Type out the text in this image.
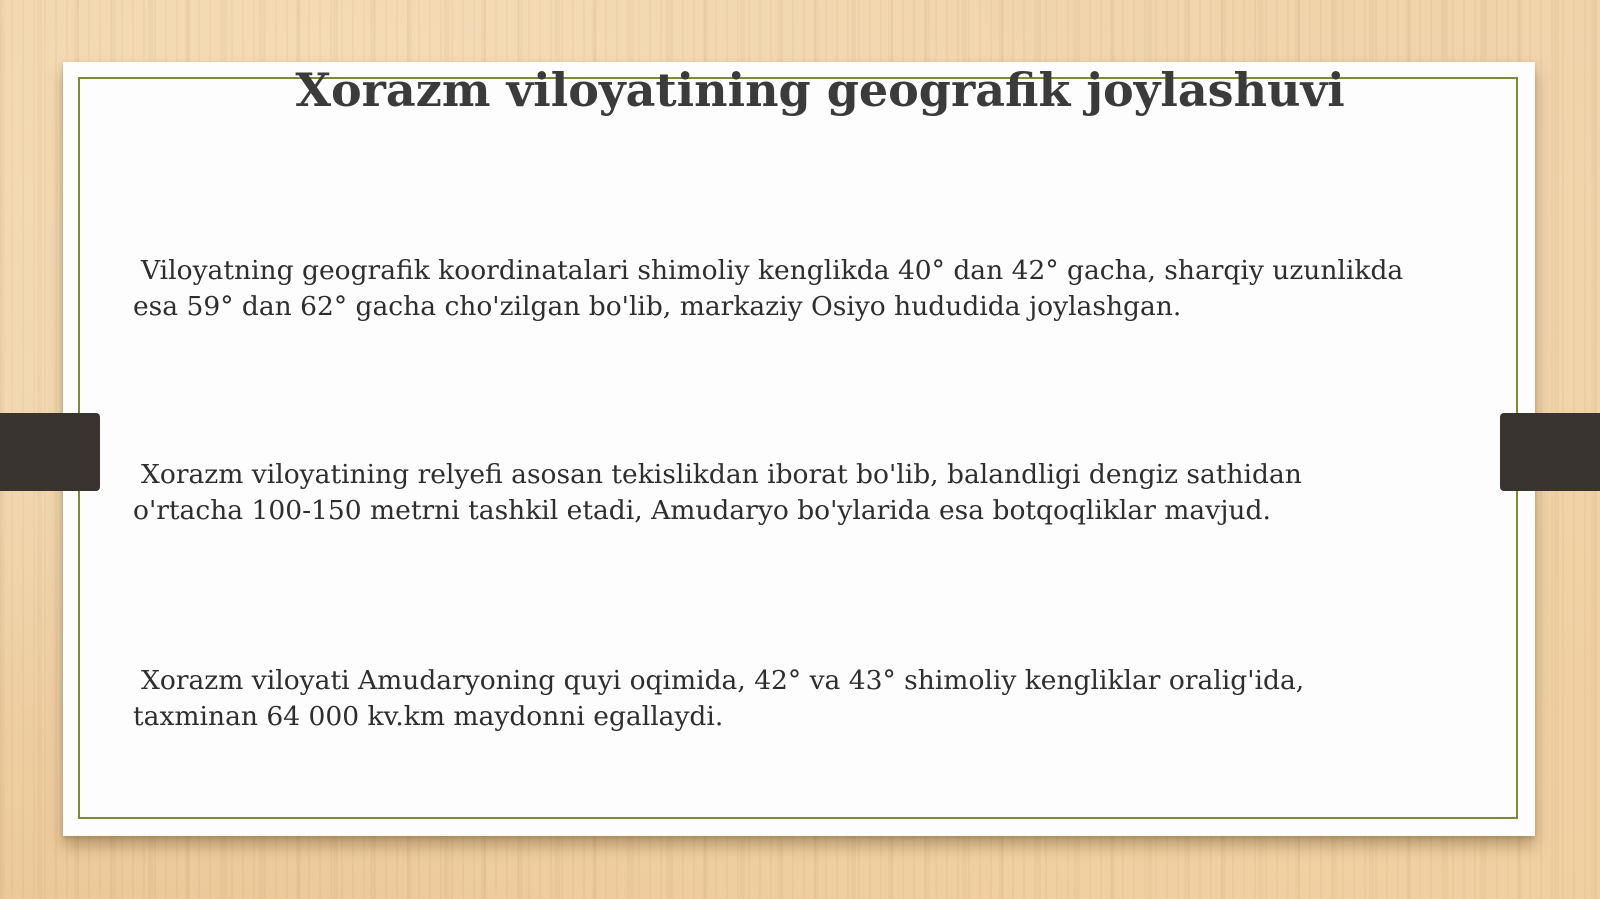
Xorazm viloyatining geografik joylashuvi

Viloyatning geografik koordinatalari shimoliy kenglikda 40° dan 42° gacha, sharqiy uzunlikda
esa 59° dan 62° gacha cho'zilgan bo'lib, markaziy Osiyo hududida joylashgan.

Xorazm viloyatining relyefi asosan tekislikdan iborat bo'lib, balandligi dengiz sathidan
o'rtacha 100-150 metrni tashkil etadi, Amudaryo bo'ylarida esa botqoqliklar mavjud.

Xorazm viloyati Amudaryoning quyi oqimida, 42° va 43° shimoliy kengliklar oralig'ida,
taxminan 64 000 kv.km maydonni egallaydi.
